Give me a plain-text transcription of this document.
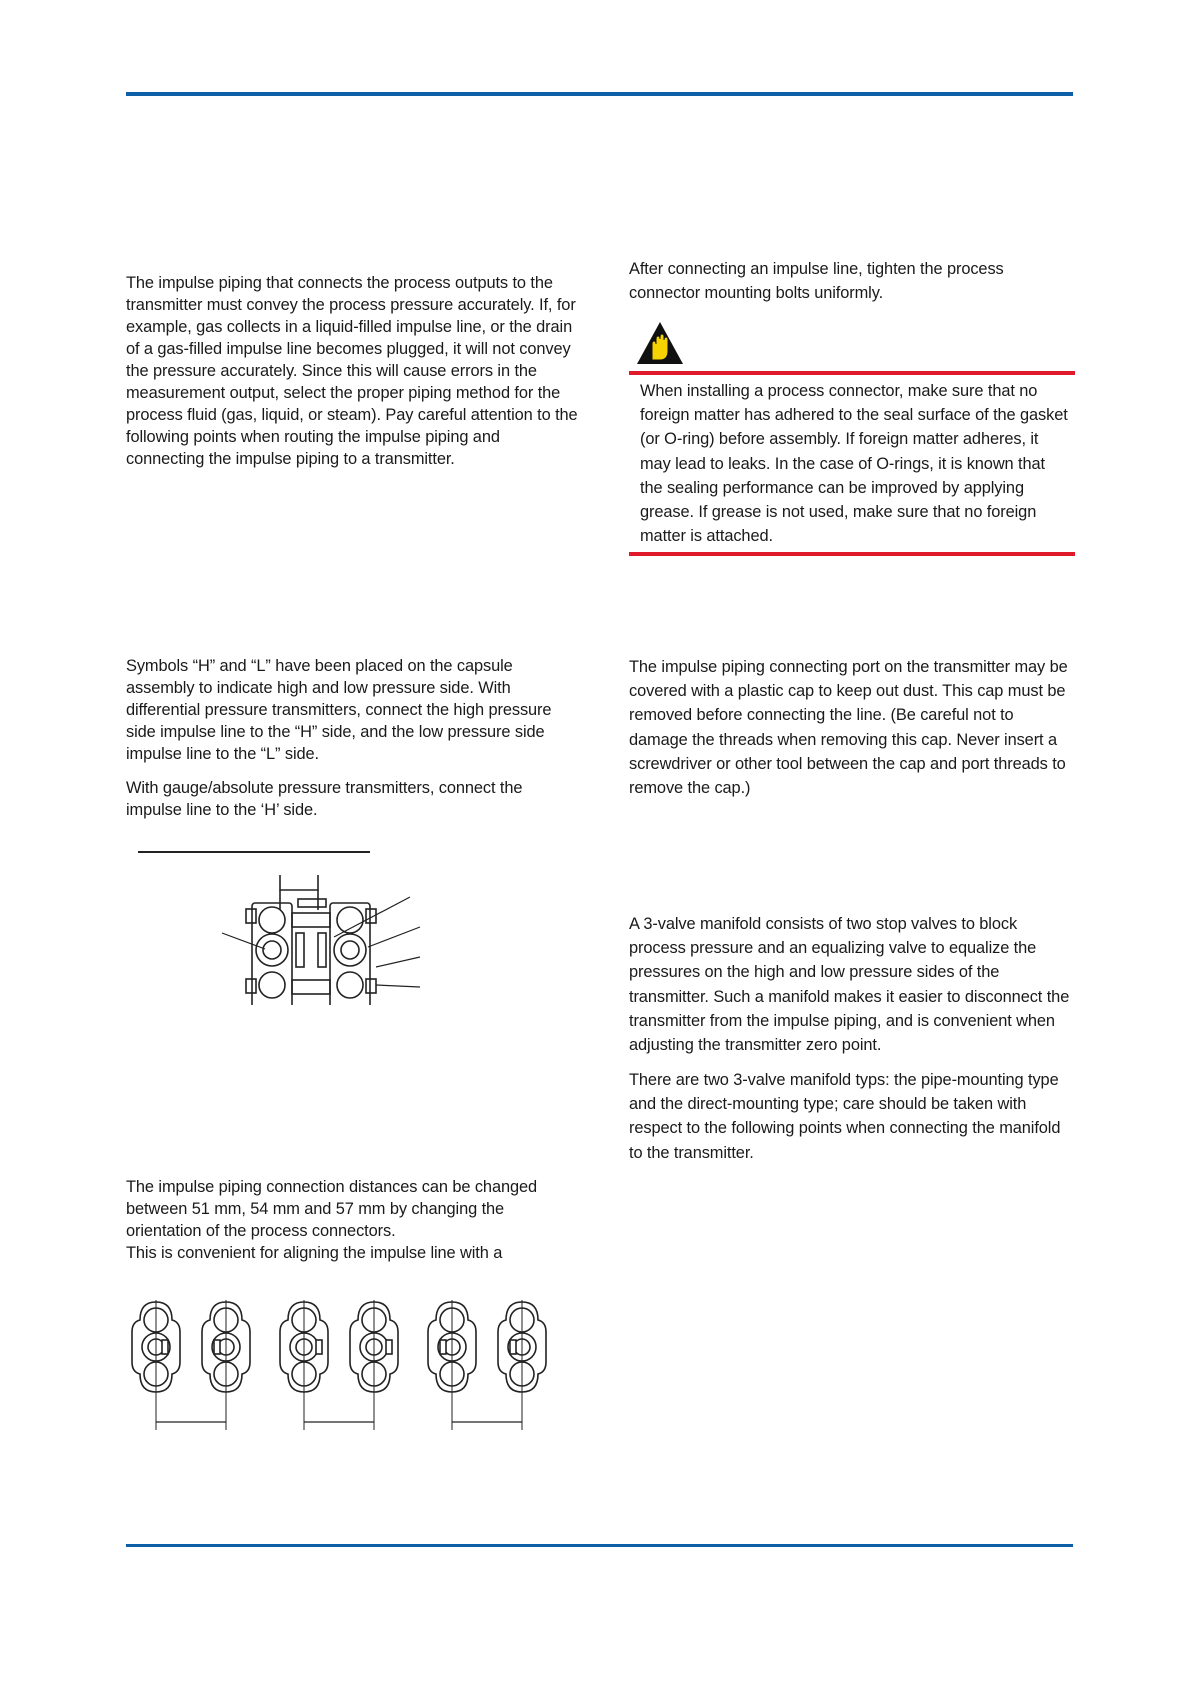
The impulse piping that connects the process outputs to the transmitter must convey the process pressure accurately. If, for example, gas collects in a liquid-filled impulse line, or the drain of a gas-filled impulse line becomes plugged, it will not convey the pressure accurately. Since this will cause errors in the measurement output, select the proper piping method for the process fluid (gas, liquid, or steam). Pay careful attention to the following points when routing the impulse piping and connecting the impulse piping to a transmitter.

Symbols “H” and “L” have been placed on the capsule assembly to indicate high and low pressure side. With differential pressure transmitters, connect the high pressure side impulse line to the “H” side, and the low pressure side impulse line to the “L” side.

With gauge/absolute pressure transmitters, connect the impulse line to the ‘H’ side.

The impulse piping connection distances can be changed between 51 mm, 54 mm and 57 mm by changing the orientation of the process connectors.

This is convenient for aligning the impulse line with a

After connecting an impulse line, tighten the process connector mounting bolts uniformly.

When installing a process connector, make sure that no foreign matter has adhered to the seal surface of the gasket (or O-ring) before assembly. If foreign matter adheres, it may lead to leaks. In the case of O-rings, it is known that the sealing performance can be improved by applying grease. If grease is not used, make sure that no foreign matter is attached.

The impulse piping connecting port on the transmitter may be covered with a plastic cap to keep out dust. This cap must be removed before connecting the line. (Be careful not to damage the threads when removing this cap. Never insert a screwdriver or other tool between the cap and port threads to remove the cap.)

A 3-valve manifold consists of two stop valves to block process pressure and an equalizing valve to equalize the pressures on the high and low pressure sides of the transmitter. Such a manifold makes it easier to disconnect the transmitter from the impulse piping, and is convenient when adjusting the transmitter zero point.

There are two 3-valve manifold typs: the pipe-mounting type and the direct-mounting type; care should be taken with respect to the following points when connecting the manifold to the transmitter.
